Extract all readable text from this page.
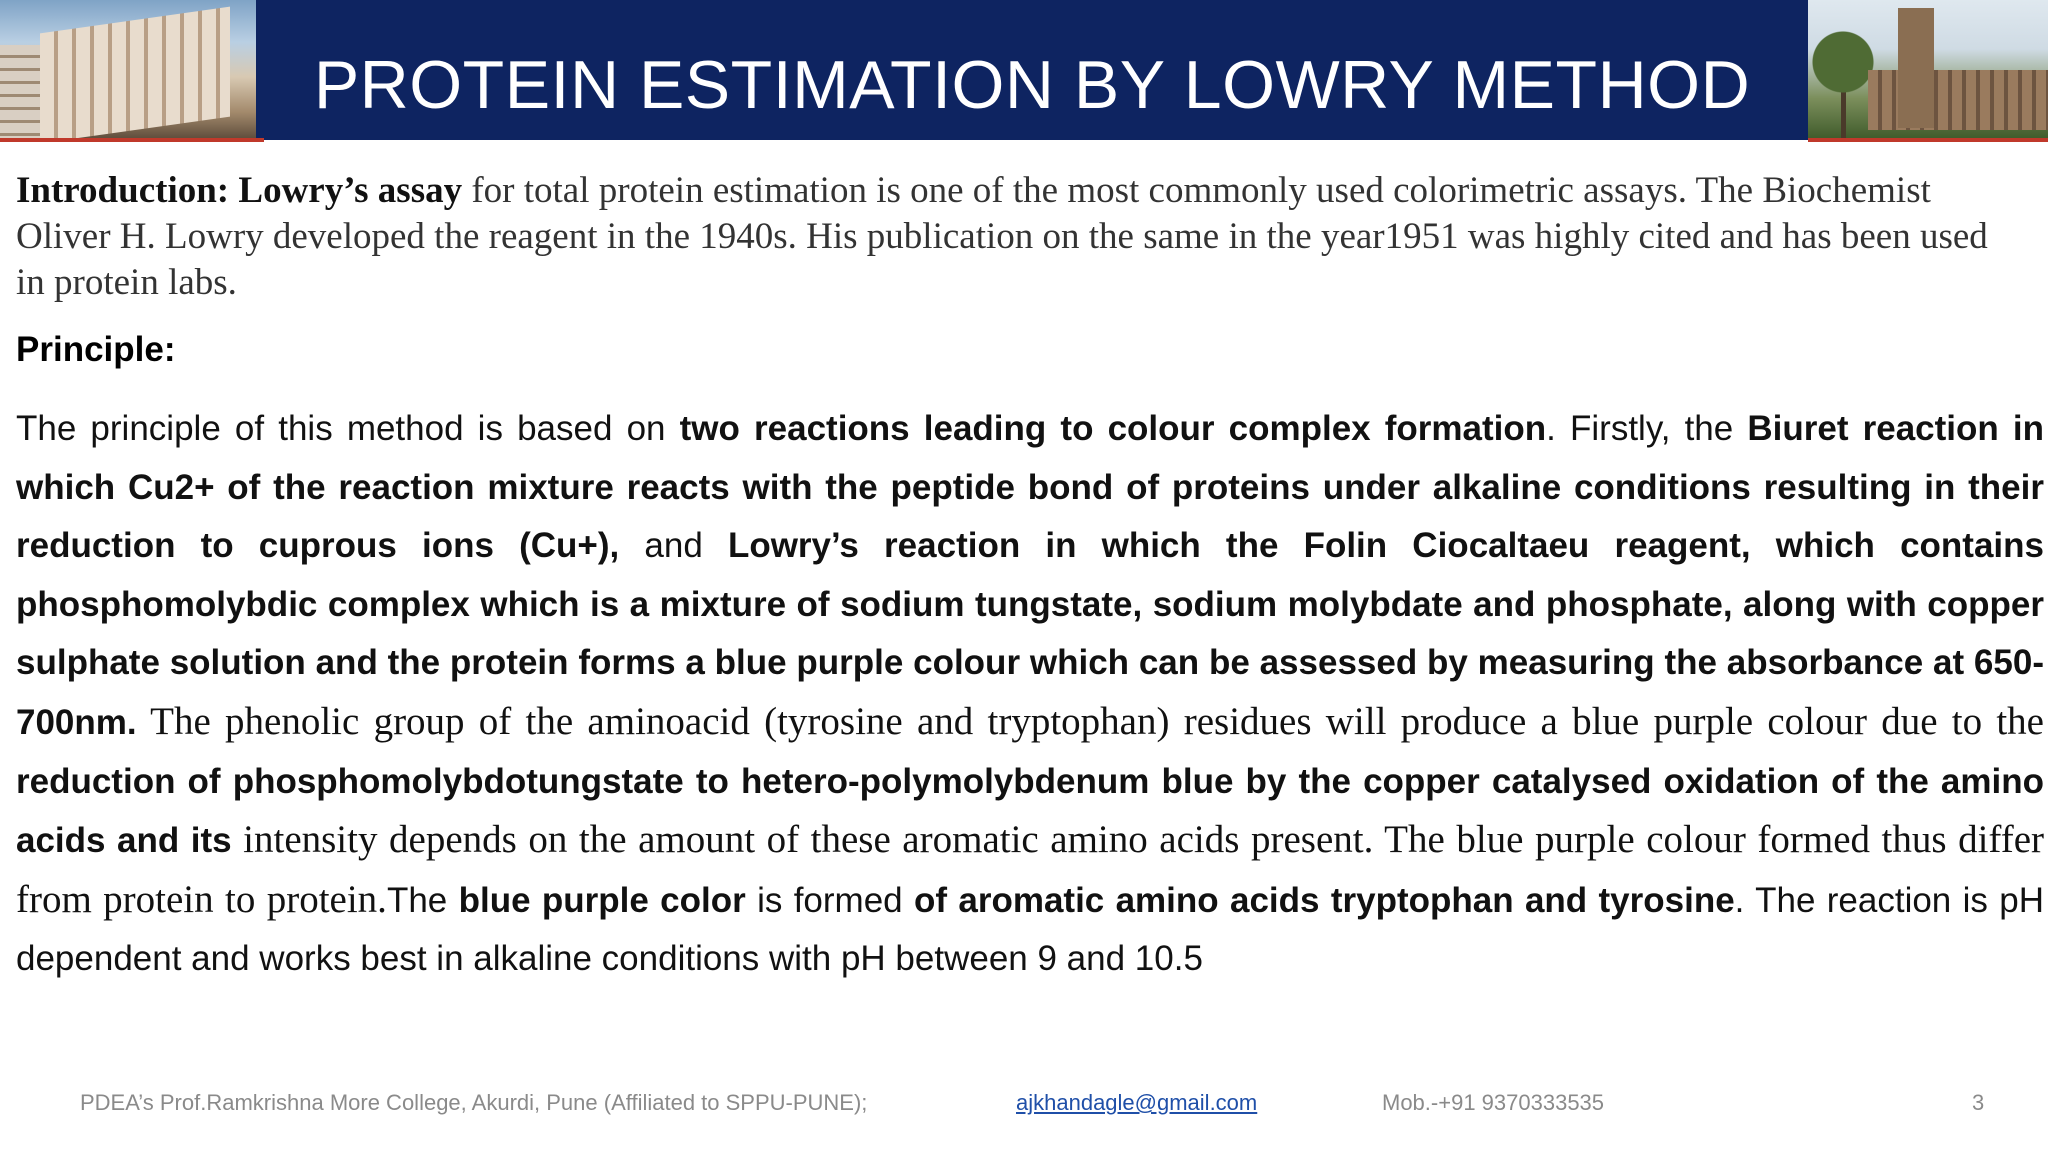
PROTEIN ESTIMATION BY LOWRY METHOD
Introduction: Lowry’s assay for total protein estimation is one of the most commonly used colorimetric assays. The Biochemist Oliver H. Lowry developed the reagent in the 1940s. His publication on the same in the year1951 was highly cited and has been used in protein labs.
Principle:
The principle of this method is based on two reactions leading to colour complex formation. Firstly, the Biuret reaction in which Cu2+ of the reaction mixture reacts with the peptide bond of proteins under alkaline conditions resulting in their reduction to cuprous ions (Cu+), and Lowry’s reaction in which the Folin Ciocaltaeu reagent, which contains phosphomolybdic complex which is a mixture of sodium tungstate, sodium molybdate and phosphate, along with copper sulphate solution and the protein forms a blue purple colour which can be assessed by measuring the absorbance at 650-700nm. The phenolic group of the aminoacid (tyrosine and tryptophan) residues will produce a blue purple colour due to the reduction of phosphomolybdotungstate to hetero-polymolybdenum blue by the copper catalysed oxidation of the amino acids and its intensity depends on the amount of these aromatic amino acids present. The blue purple colour formed thus differ from protein to protein.The blue purple color is formed of aromatic amino acids tryptophan and tyrosine. The reaction is pH dependent and works best in alkaline conditions with pH between 9 and 10.5
PDEA’s Prof.Ramkrishna More College, Akurdi, Pune (Affiliated to SPPU-PUNE);	ajkhandagle@gmail.com	Mob.-+91 9370333535	3
